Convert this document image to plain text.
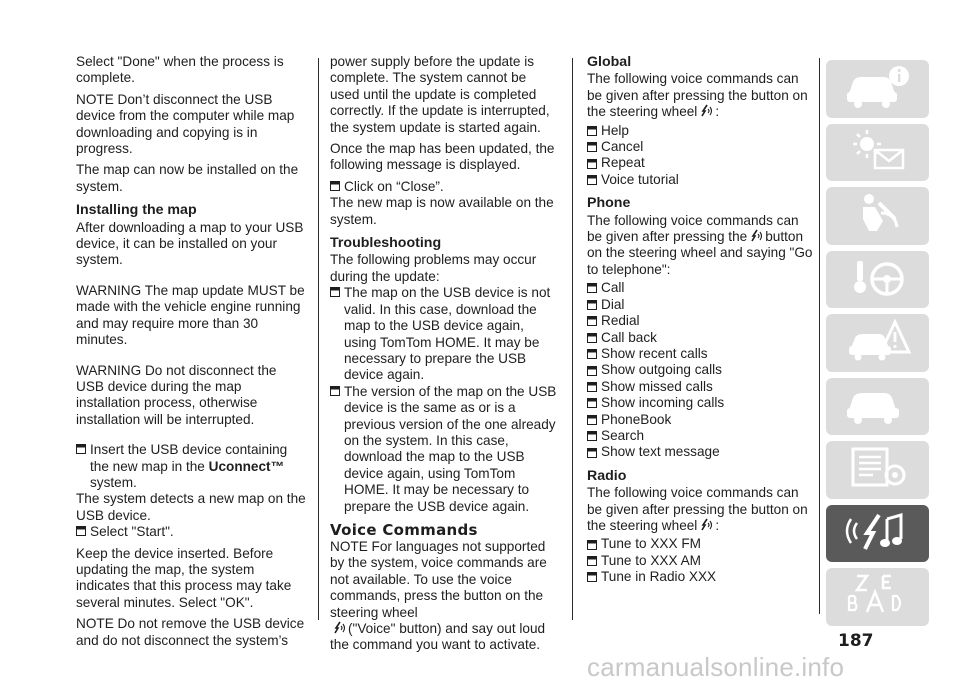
Select "Done" when the process is complete.

NOTE Don’t disconnect the USB device from the computer while map downloading and copying is in progress.

The map can now be installed on the system.

Installing the map

After downloading a map to your USB device, it can be installed on your system.

WARNING The map update MUST be made with the vehicle engine running and may require more than 30 minutes.

WARNING Do not disconnect the USB device during the map installation process, otherwise installation will be interrupted.

Insert the USB device containing the new map in the Uconnect™ system.

The system detects a new map on the USB device.

Select "Start".

Keep the device inserted. Before updating the map, the system indicates that this process may take several minutes. Select "OK".

NOTE Do not remove the USB device and do not disconnect the system’s

power supply before the update is complete. The system cannot be used until the update is completed correctly. If the update is interrupted, the system update is started again.

Once the map has been updated, the following message is displayed.

Click on “Close”.

The new map is now available on the system.

Troubleshooting

The following problems may occur during the update:

The map on the USB device is not valid. In this case, download the map to the USB device again, using TomTom HOME. It may be necessary to prepare the USB device again.
The version of the map on the USB device is the same as or is a previous version of the one already on the system. In this case, download the map to the USB device again, using TomTom HOME. It may be necessary to prepare the USB device again.
Voice Commands

NOTE For languages not supported by the system, voice commands are not available. To use the voice commands, press the button on the steering wheel
("Voice" button) and say out loud the command you want to activate.

Global

The following voice commands can be given after pressing the button on the steering wheel :

Help
Cancel
Repeat
Voice tutorial
Phone

The following voice commands can be given after pressing the button on the steering wheel and saying "Go to telephone":

Call
Dial
Redial
Call back
Show recent calls
Show outgoing calls
Show missed calls
Show incoming calls
PhoneBook
Search
Show text message
Radio

The following voice commands can be given after pressing the button on the steering wheel :

Tune to XXX FM
Tune to XXX AM
Tune in Radio XXX
187
carmanualsonline.info
